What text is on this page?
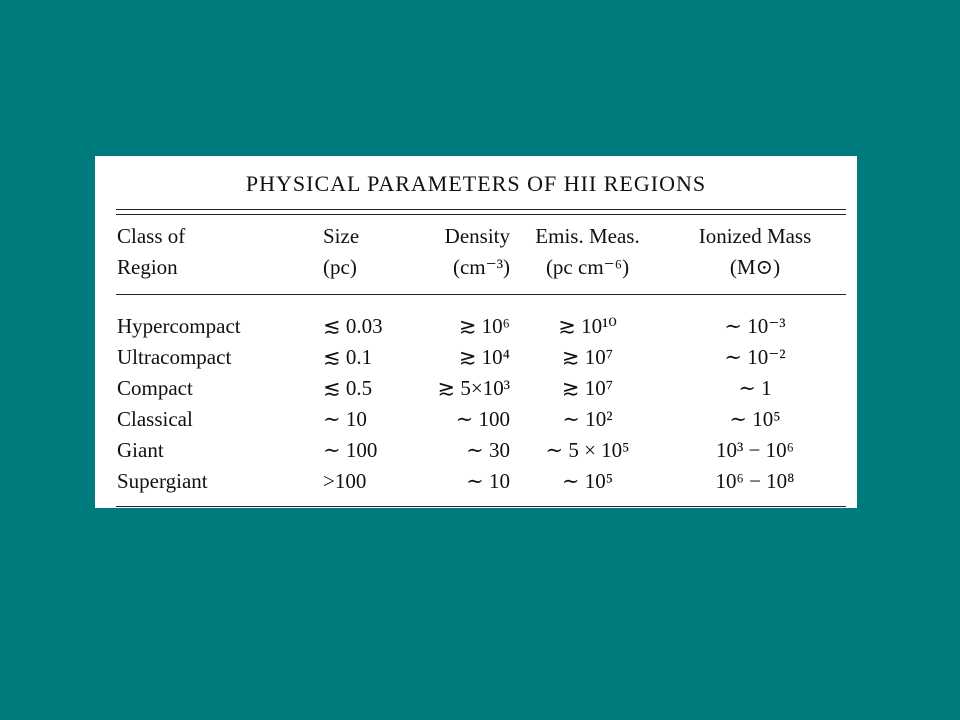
PHYSICAL PARAMETERS OF HII REGIONS
Class of	Size	Density	Emis. Meas.	Ionized Mass
Region	(pc)	(cm⁻³)	(pc cm⁻⁶)	(M⊙)
Hypercompact	≲ 0.03	≳ 10⁶	≳ 10¹⁰	∼ 10⁻³
Ultracompact	≲ 0.1	≳ 10⁴	≳ 10⁷	∼ 10⁻²
Compact	≲ 0.5	≳ 5×10³	≳ 10⁷	∼ 1
Classical	∼ 10	∼ 100	∼ 10²	∼ 10⁵
Giant	∼ 100	∼ 30	∼ 5 × 10⁵	10³ − 10⁶
Supergiant	>100	∼ 10	∼ 10⁵	10⁶ − 10⁸
